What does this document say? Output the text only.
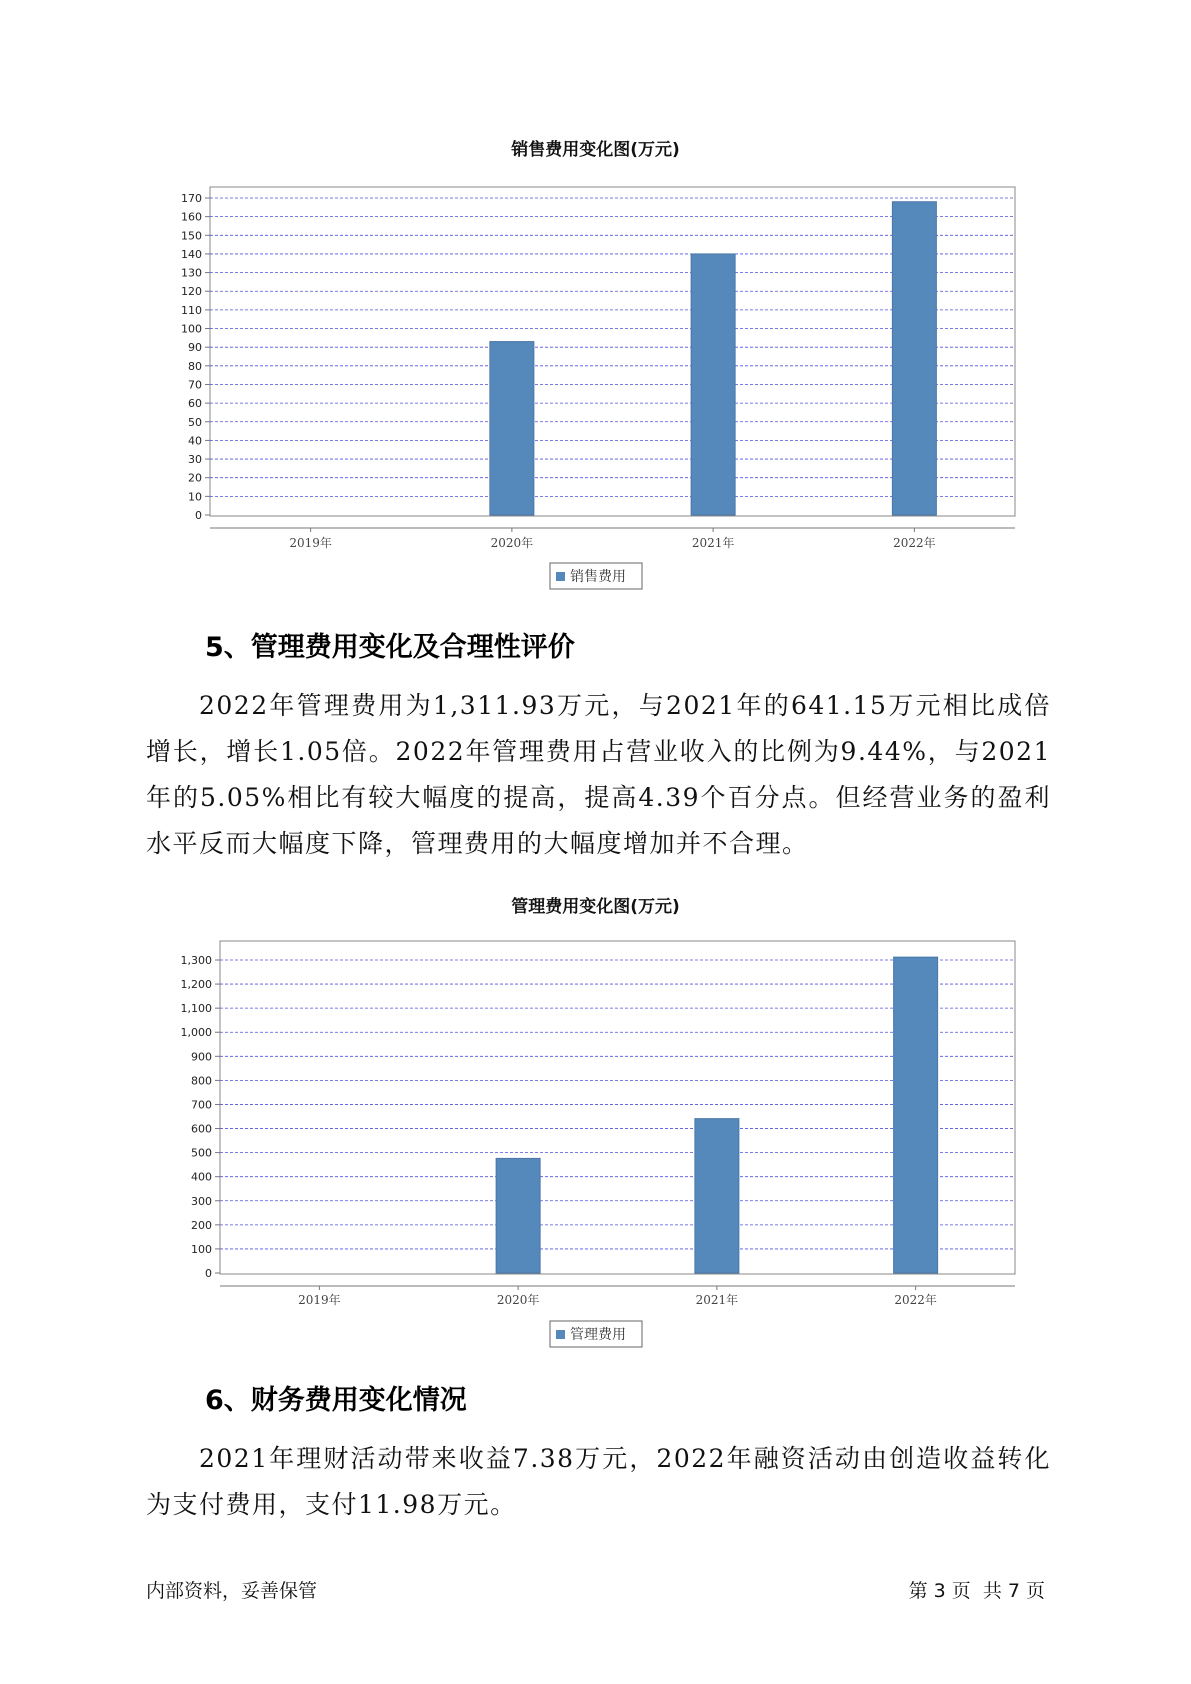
销售费用变化图(万元)
0
10
20
30
40
50
60
70
80
90
100
110
120
130
140
150
160
170
2019年	2020年	2021年	2022年
销售费用
5、管理费用变化及合理性评价
2022年管理费用为1,311.93万元，与2021年的641.15万元相比成倍增长，增长1.05倍。2022年管理费用占营业收入的比例为9.44%，与2021年的5.05%相比有较大幅度的提高，提高4.39个百分点。但经营业务的盈利水平反而大幅度下降，管理费用的大幅度增加并不合理。
管理费用变化图(万元)
0
100
200
300
400
500
600
700
800
900
1,000
1,100
1,200
1,300
2019年	2020年	2021年	2022年
管理费用
6、财务费用变化情况
2021年理财活动带来收益7.38万元，2022年融资活动由创造收益转化为支付费用，支付11.98万元。
内部资料，妥善保管	第 3 页  共 7 页
